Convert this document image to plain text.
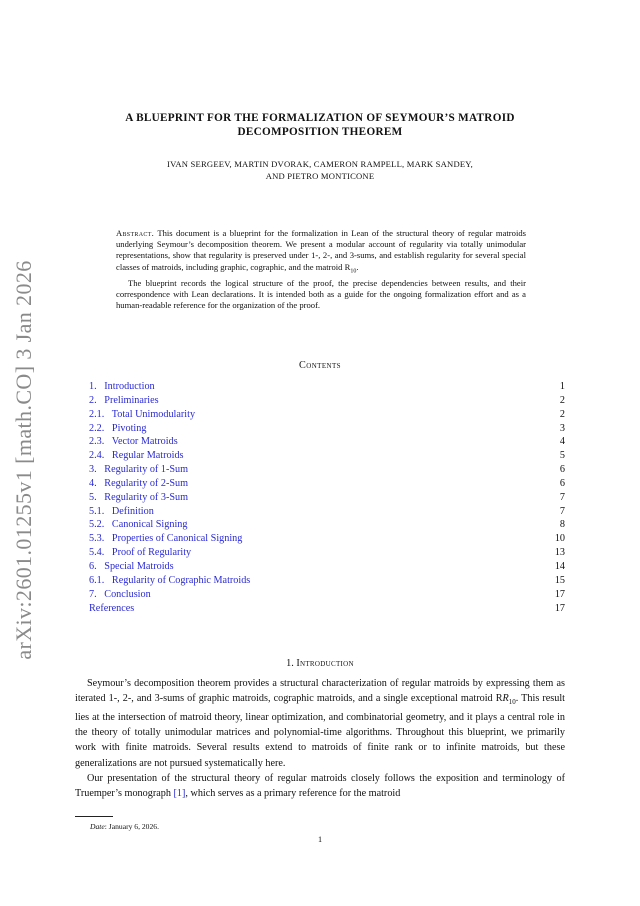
arXiv:2601.01255v1 [math.CO] 3 Jan 2026
A BLUEPRINT FOR THE FORMALIZATION OF SEYMOUR’S MATROID
DECOMPOSITION THEOREM
IVAN SERGEEV, MARTIN DVORAK, CAMERON RAMPELL, MARK SANDEY,
AND PIETRO MONTICONE

Abstract. This document is a blueprint for the formalization in Lean of the structural theory of regular matroids underlying Seymour’s decomposition theorem. We present a modular account of regularity via totally unimodular representations, show that regularity is preserved under 1-, 2-, and 3-sums, and establish regularity for several special classes of matroids, including graphic, cographic, and the matroid $R_{10}$.

The blueprint records the logical structure of the proof, the precise dependencies between results, and their correspondence with Lean declarations. It is intended both as a guide for the ongoing formalization effort and as a human-readable reference for the organization of the proof.

Contents
1.   Introduction	1
2.   Preliminaries	2
2.1.   Total Unimodularity	2
2.2.   Pivoting	3
2.3.   Vector Matroids	4
2.4.   Regular Matroids	5
3.   Regularity of 1-Sum	6
4.   Regularity of 2-Sum	6
5.   Regularity of 3-Sum	7
5.1.   Definition	7
5.2.   Canonical Signing	8
5.3.   Properties of Canonical Signing	10
5.4.   Proof of Regularity	13
6.   Special Matroids	14
6.1.   Regularity of Cographic Matroids	15
7.   Conclusion	17
References	17
1. Introduction

Seymour’s decomposition theorem provides a structural characterization of regular matroids by expressing them as iterated 1-, 2-, and 3-sums of graphic matroids, cographic matroids, and a single exceptional matroid $RR_{10}$. This result lies at the intersection of matroid theory, linear optimization, and combinatorial geometry, and it plays a central role in the theory of totally unimodular matrices and polynomial-time algorithms. Throughout this blueprint, we primarily work with finite matroids. Several results extend to matroids of finite rank or to infinite matroids, but these generalizations are not pursued systematically here.

Our presentation of the structural theory of regular matroids closely follows the exposition and terminology of Truemper’s monograph [1], which serves as a primary reference for the matroid

Date: January 6, 2026.
1
